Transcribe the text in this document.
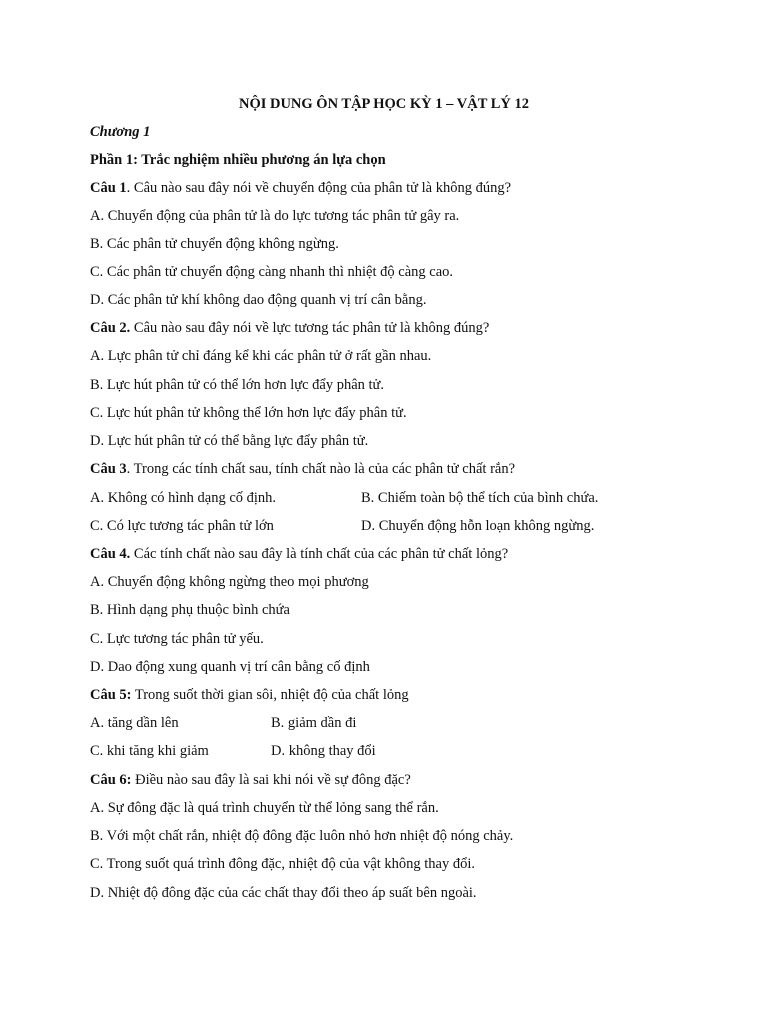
NỘI DUNG ÔN TẬP HỌC KỲ 1 – VẬT LÝ 12
Chương 1
Phần 1: Trắc nghiệm nhiều phương án lựa chọn
Câu 1. Câu nào sau đây nói về chuyển động của phân tử là không đúng?
A. Chuyển động của phân tử là do lực tương tác phân tử gây ra.
B. Các phân tử chuyển động không ngừng.
C. Các phân tử chuyển động càng nhanh thì nhiệt độ càng cao.
D. Các phân tử khí không dao động quanh vị trí cân bằng.
Câu 2. Câu nào sau đây nói về lực tương tác phân tử là không đúng?
A. Lực phân tử chỉ đáng kể khi các phân tử ở rất gần nhau.
B. Lực hút phân tử có thể lớn hơn lực đẩy phân tử.
C. Lực hút phân tử không thể lớn hơn lực đẩy phân tử.
D. Lực hút phân tử có thể bằng lực đẩy phân tử.
Câu 3. Trong các tính chất sau, tính chất nào là của các phân tử chất rắn?
A. Không có hình dạng cố định.	B. Chiếm toàn bộ thể tích của bình chứa.
C. Có lực tương tác phân tử lớn	D. Chuyển động hỗn loạn không ngừng.
Câu 4. Các tính chất nào sau đây là tính chất của các phân tử chất lỏng?
A. Chuyển động không ngừng theo mọi phương
B. Hình dạng phụ thuộc bình chứa
C. Lực tương tác phân tử yếu.
D. Dao động xung quanh vị trí cân bằng cố định
Câu 5: Trong suốt thời gian sôi, nhiệt độ của chất lỏng
A. tăng dần lên	B. giảm dần đi
C. khi tăng khi giảm	D. không thay đổi
Câu 6: Điều nào sau đây là sai khi nói về sự đông đặc?
A. Sự đông đặc là quá trình chuyển từ thể lỏng sang thể rắn.
B. Với một chất rắn, nhiệt độ đông đặc luôn nhỏ hơn nhiệt độ nóng chảy.
C. Trong suốt quá trình đông đặc, nhiệt độ của vật không thay đổi.
D. Nhiệt độ đông đặc của các chất thay đổi theo áp suất bên ngoài.
